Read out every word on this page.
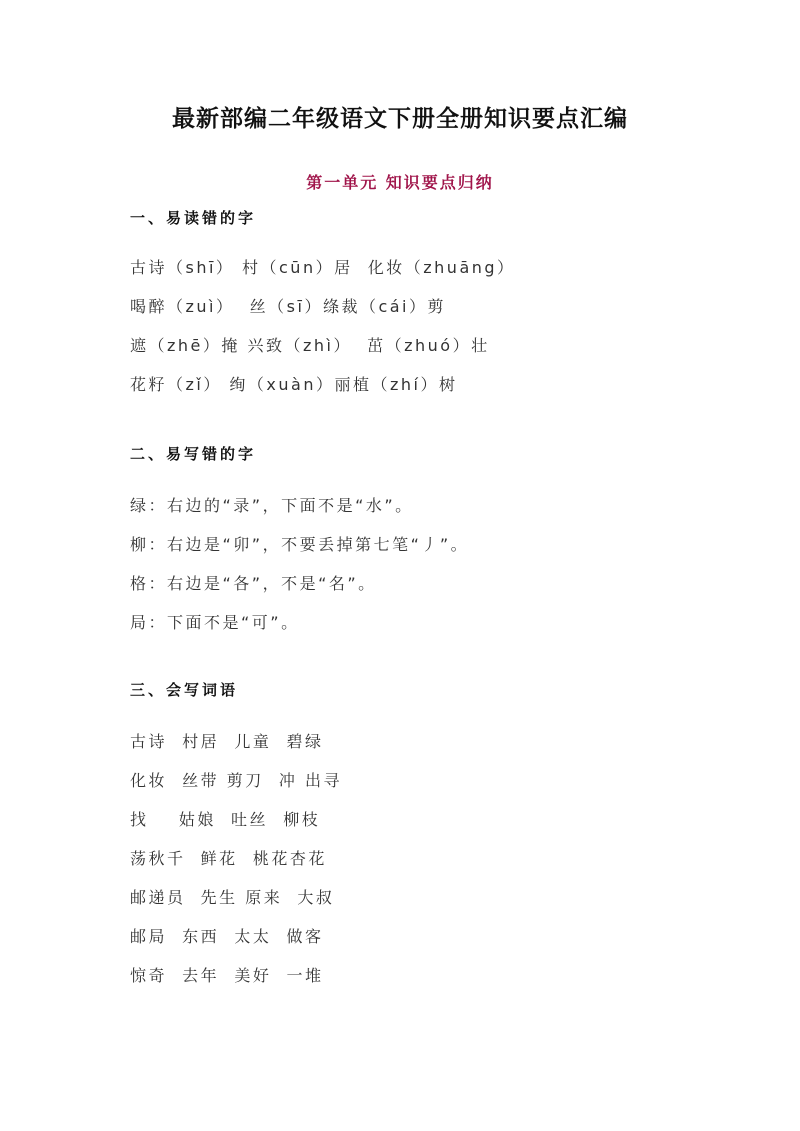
最新部编二年级语文下册全册知识要点汇编
第一单元 知识要点归纳
一、易读错的字
古诗（shī） 村（cūn）居  化妆（zhuāng）
喝醉（zuì）  丝（sī）绦裁（cái）剪
遮（zhē）掩 兴致（zhì）  茁（zhuó）壮
花籽（zǐ） 绚（xuàn）丽植（zhí）树
二、易写错的字
绿：右边的“录”，下面不是“水”。
柳：右边是“卯”，不要丢掉第七笔“丿”。
格：右边是“各”，不是“名”。
局：下面不是“可”。
三、会写词语
古诗  村居  儿童  碧绿
化妆  丝带 剪刀  冲 出寻
找    姑娘  吐丝  柳枝
荡秋千  鲜花  桃花杏花
邮递员  先生 原来  大叔
邮局  东西  太太  做客
惊奇  去年  美好  一堆
